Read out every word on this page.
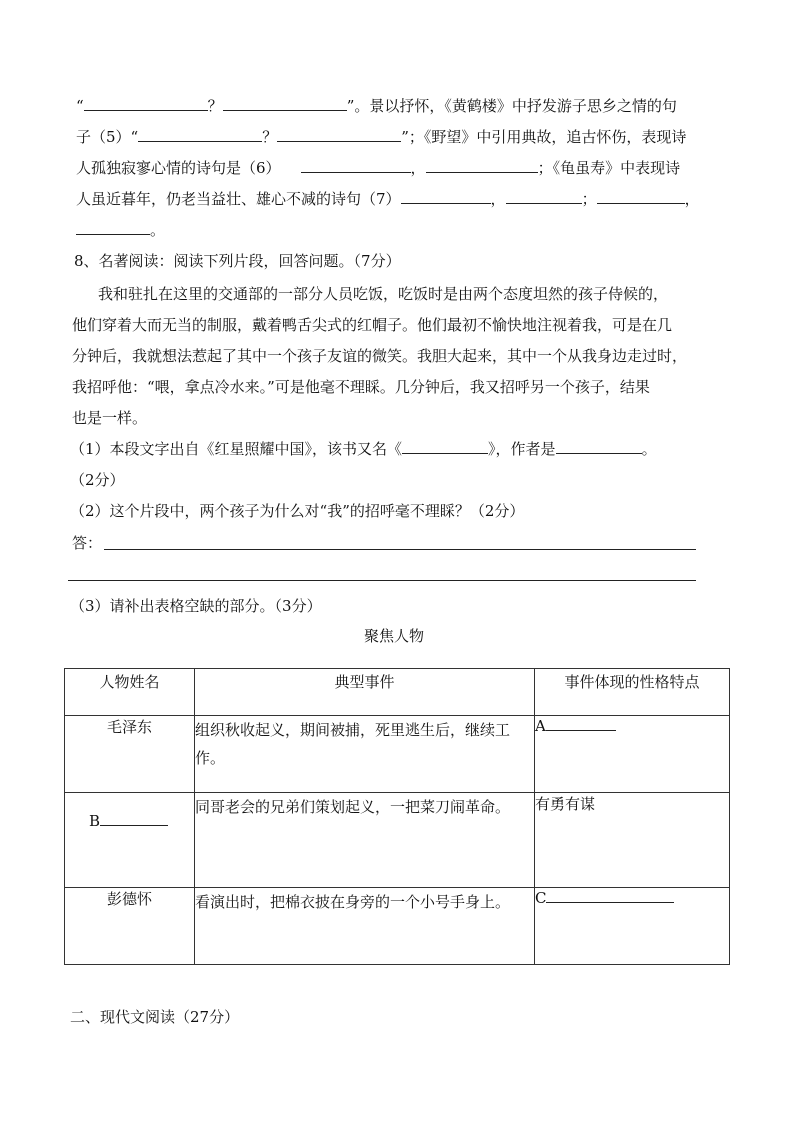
“	？	”。景以抒怀，《黄鹤楼》中抒发游子思乡之情的句
子（5）“	？	”；《野望》中引用典故，追古怀伤，表现诗
人孤独寂寥心情的诗句是（6）	，	；《龟虽寿》中表现诗
人虽近暮年，仍老当益壮、雄心不减的诗句（7）	，	；	，
。
8、名著阅读：阅读下列片段，回答问题。（7分）
　　我和驻扎在这里的交通部的一部分人员吃饭，吃饭时是由两个态度坦然的孩子侍候的，
他们穿着大而无当的制服，戴着鸭舌尖式的红帽子。他们最初不愉快地注视着我，可是在几
分钟后，我就想法惹起了其中一个孩子友谊的微笑。我胆大起来，其中一个从我身边走过时，
我招呼他：“喂，拿点冷水来。”可是他毫不理睬。几分钟后，我又招呼另一个孩子，结果
也是一样。
（1）本段文字出自《红星照耀中国》，该书又名《	》，作者是	。
（2分）
（2）这个片段中，两个孩子为什么对“我”的招呼毫不理睬？（2分）
答：
（3）请补出表格空缺的部分。（3分）
聚焦人物
人物姓名	典型事件	事件体现的性格特点
毛泽东	组织秋收起义，期间被捕，死里逃生后，继续工作。	A
B	同哥老会的兄弟们策划起义，一把菜刀闹革命。	有勇有谋
彭德怀	看演出时，把棉衣披在身旁的一个小号手身上。	C
二、现代文阅读（27分）
